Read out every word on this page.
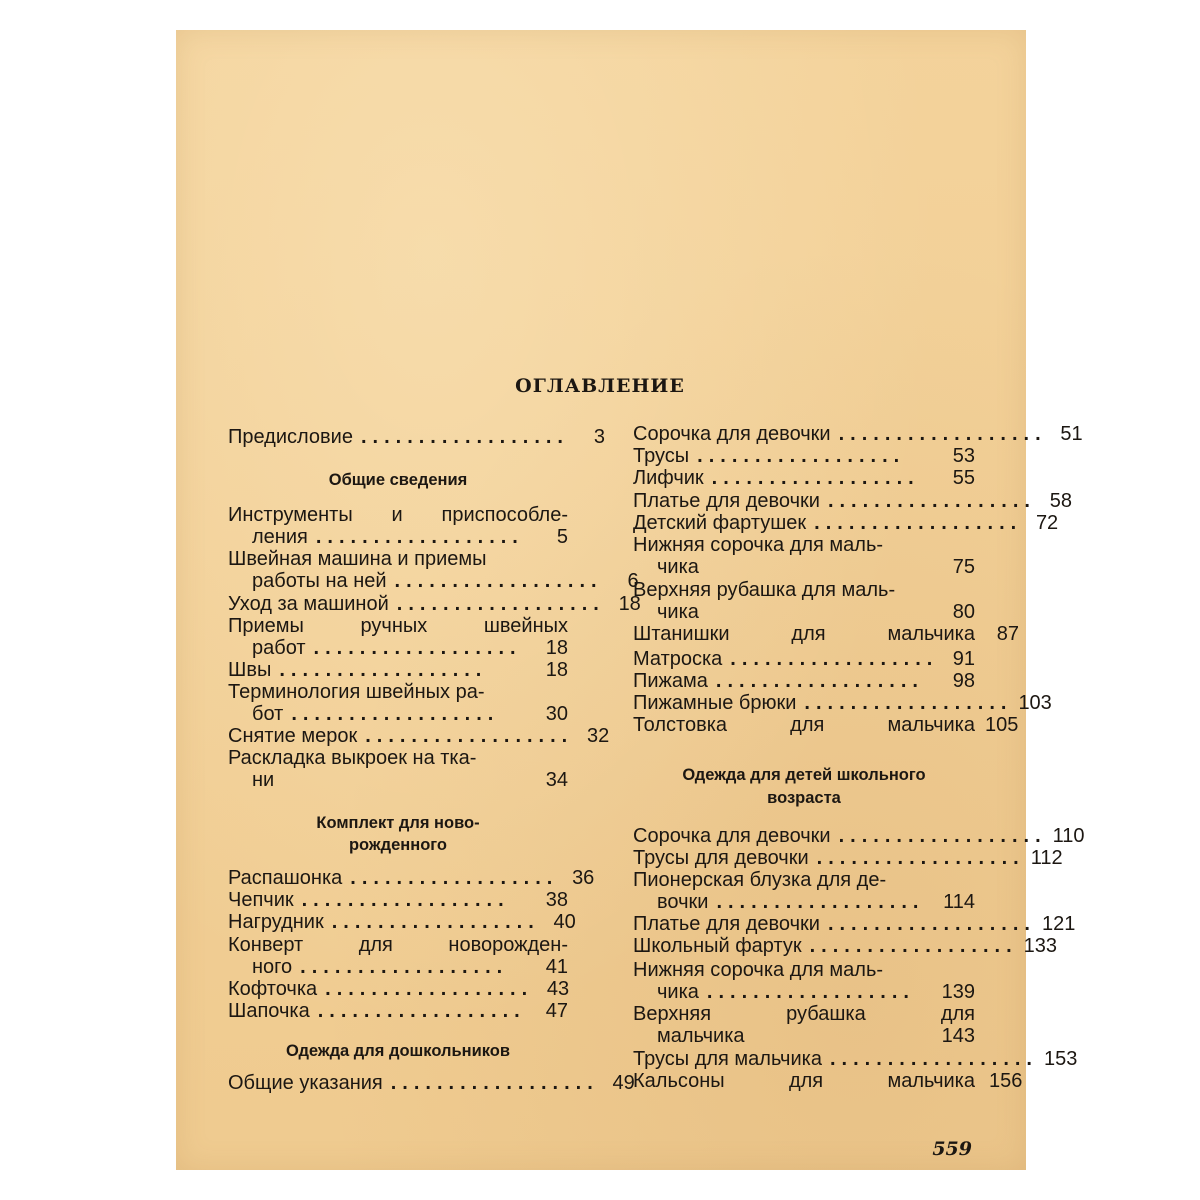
ОГЛАВЛЕНИЕ
Предисловие ..................	3
Общие сведения
Инструменты и приспособле-
ления ..................	5
Швейная машина и приемы
работы на ней ..................	6
Уход за машиной .................. 18
Приемы ручных швейных
работ ..................	18
Швы ..................	18
Терминология швейных ра-
бот ..................	30
Снятие мерок .................. 32
Раскладка выкроек на тка-
ни	34
Комплект для ново-
рожденного
Распашонка .................. 36
Чепчик ..................	38
Нагрудник .................. 40
Конверт для новорожден-
ного ..................	41
Кофточка .................. 43
Шапочка ..................	47
Одежда для дошкольников
Общие указания .................. 49
Сорочка для девочки .................. 51
Трусы ..................	53
Лифчик ..................	55
Платье для девочки .................. 58
Детский фартушек .................. 72
Нижняя сорочка для маль-
чика	75
Верхняя рубашка для маль-
чика	80
Штанишки для мальчика	87
Матроска .................. 91
Пижама ..................	98
Пижамные брюки .................. 103
Толстовка для мальчика 105
Одежда для детей школьного
возраста
Сорочка для девочки .................. 110
Трусы для девочки .................. 112
Пионерская блузка для де-
вочки .................. 114
Платье для девочки .................. 121
Школьный фартук .................. 133
Нижняя сорочка для маль-
чика ..................	139
Верхняя рубашка для
мальчика	143
Трусы для мальчика .................. 153
Кальсоны для мальчика 156
559
